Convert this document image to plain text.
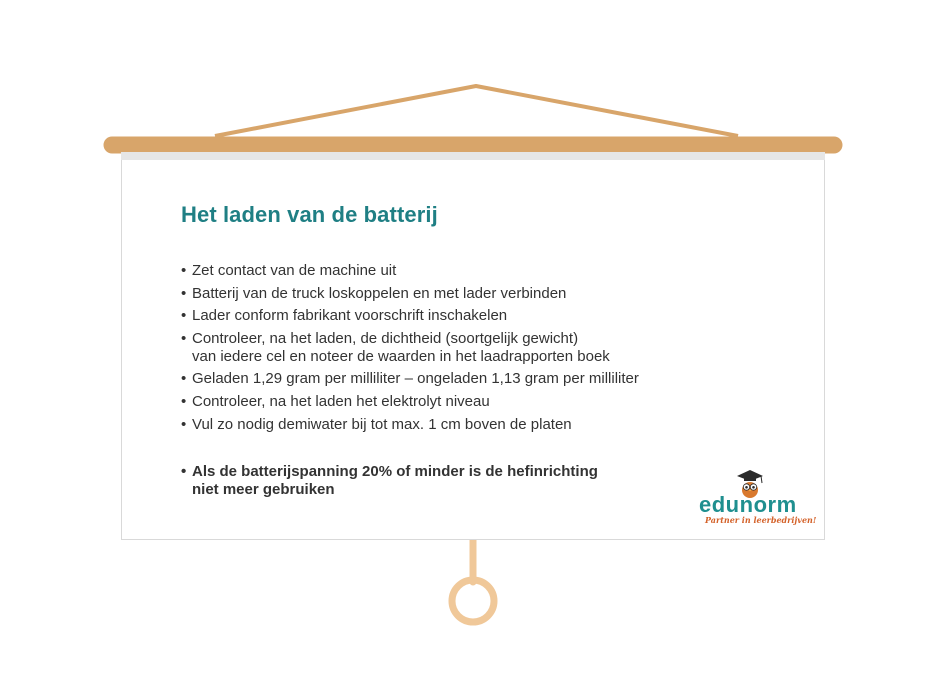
Het laden van de batterij
• Zet contact van de machine uit
• Batterij van de truck loskoppelen en met lader verbinden
• Lader conform fabrikant voorschrift inschakelen
• Controleer, na het laden, de dichtheid (soortgelijk gewicht)
van iedere cel en noteer de waarden in het laadrapporten boek
• Geladen 1,29 gram per milliliter – ongeladen 1,13 gram per milliliter
• Controleer, na het laden het elektrolyt niveau
• Vul zo nodig demiwater bij tot max. 1 cm boven de platen
• Als de batterijspanning 20% of minder is de hefinrichting
niet meer gebruiken
edunorm
Partner in leerbedrijven!
